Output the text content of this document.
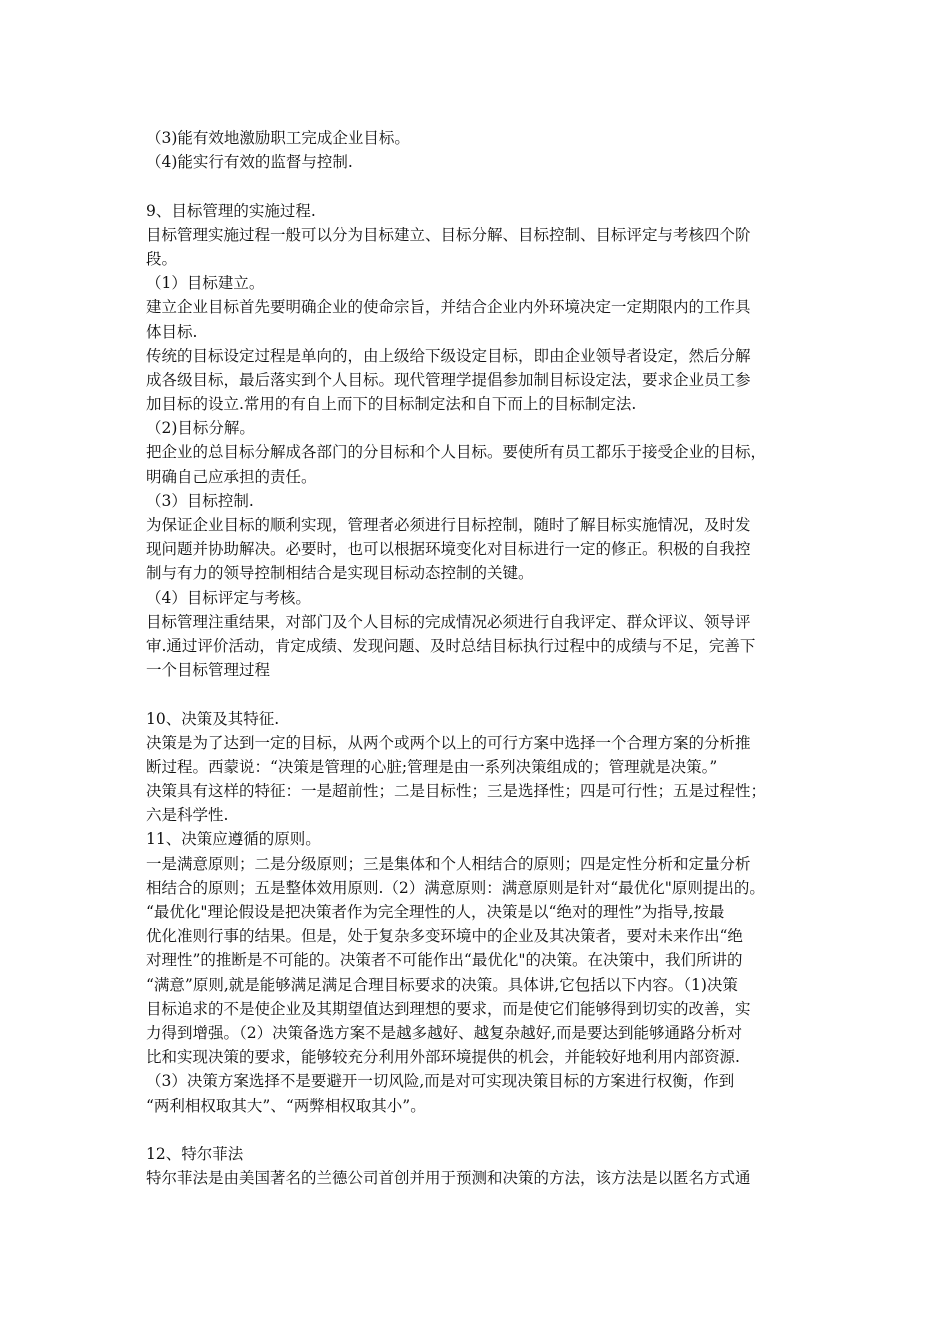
（3)能有效地激励职工完成企业目标。
（4)能实行有效的监督与控制.
9、目标管理的实施过程.
目标管理实施过程一般可以分为目标建立、目标分解、目标控制、目标评定与考核四个阶
段。
（1）目标建立。
建立企业目标首先要明确企业的使命宗旨，并结合企业内外环境决定一定期限内的工作具
体目标.
传统的目标设定过程是单向的，由上级给下级设定目标，即由企业领导者设定，然后分解
成各级目标，最后落实到个人目标。现代管理学提倡参加制目标设定法，要求企业员工参
加目标的设立.常用的有自上而下的目标制定法和自下而上的目标制定法.
（2)目标分解。
把企业的总目标分解成各部门的分目标和个人目标。要使所有员工都乐于接受企业的目标，
明确自己应承担的责任。
（3）目标控制.
为保证企业目标的顺利实现，管理者必须进行目标控制，随时了解目标实施情况，及时发
现问题并协助解决。必要时，也可以根据环境变化对目标进行一定的修正。积极的自我控
制与有力的领导控制相结合是实现目标动态控制的关键。
（4）目标评定与考核。
目标管理注重结果，对部门及个人目标的完成情况必须进行自我评定、群众评议、领导评
审.通过评价活动，肯定成绩、发现问题、及时总结目标执行过程中的成绩与不足，完善下
一个目标管理过程
10、决策及其特征.
决策是为了达到一定的目标，从两个或两个以上的可行方案中选择一个合理方案的分析推
断过程。西蒙说：“决策是管理的心脏;管理是由一系列决策组成的；管理就是决策。”
决策具有这样的特征：一是超前性；二是目标性；三是选择性；四是可行性；五是过程性；
六是科学性.
11、决策应遵循的原则。
一是满意原则；二是分级原则；三是集体和个人相结合的原则；四是定性分析和定量分析
相结合的原则；五是整体效用原则.（2）满意原则：满意原则是针对“最优化"原则提出的。
“最优化"理论假设是把决策者作为完全理性的人，决策是以“绝对的理性”为指导,按最
优化准则行事的结果。但是，处于复杂多变环境中的企业及其决策者，要对未来作出“绝
对理性”的推断是不可能的。决策者不可能作出“最优化"的决策。在决策中，我们所讲的
“满意”原则,就是能够满足满足合理目标要求的决策。具体讲,它包括以下内容。（1)决策
目标追求的不是使企业及其期望值达到理想的要求，而是使它们能够得到切实的改善，实
力得到增强。（2）决策备选方案不是越多越好、越复杂越好,而是要达到能够通路分析对
比和实现决策的要求，能够较充分利用外部环境提供的机会，并能较好地利用内部资源.
（3）决策方案选择不是要避开一切风险,而是对可实现决策目标的方案进行权衡，作到
“两利相权取其大”、“两弊相权取其小”。
12、特尔菲法
特尔菲法是由美国著名的兰德公司首创并用于预测和决策的方法，该方法是以匿名方式通
